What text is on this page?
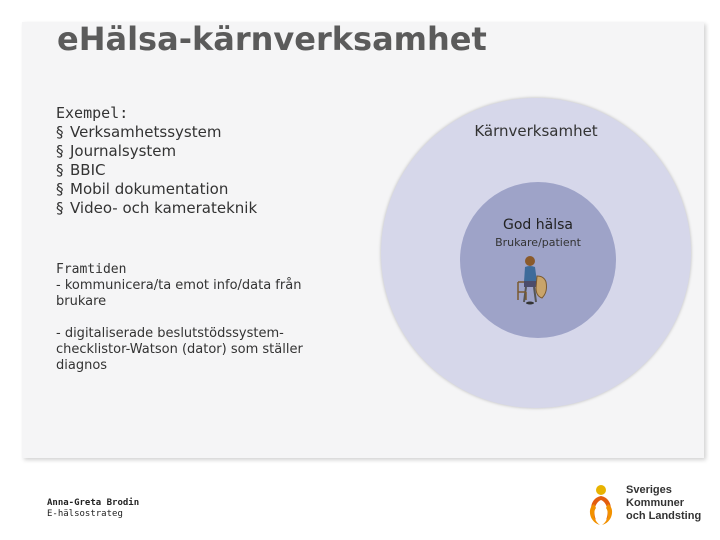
eHälsa-kärnverksamhet
Exempel:
§ Verksamhetssystem
§ Journalsystem
§ BBIC
§ Mobil dokumentation
§ Video- och kamerateknik
Framtiden

- kommunicera/ta emot info/data från brukare

- digitaliserade beslutstödssystem- checklistor-Watson (dator) som ställer diagnos

Kärnverksamhet
God hälsa
Brukare/patient
Anna-Greta Brodin
E-hälsostrateg
Sveriges
Kommuner
och Landsting
